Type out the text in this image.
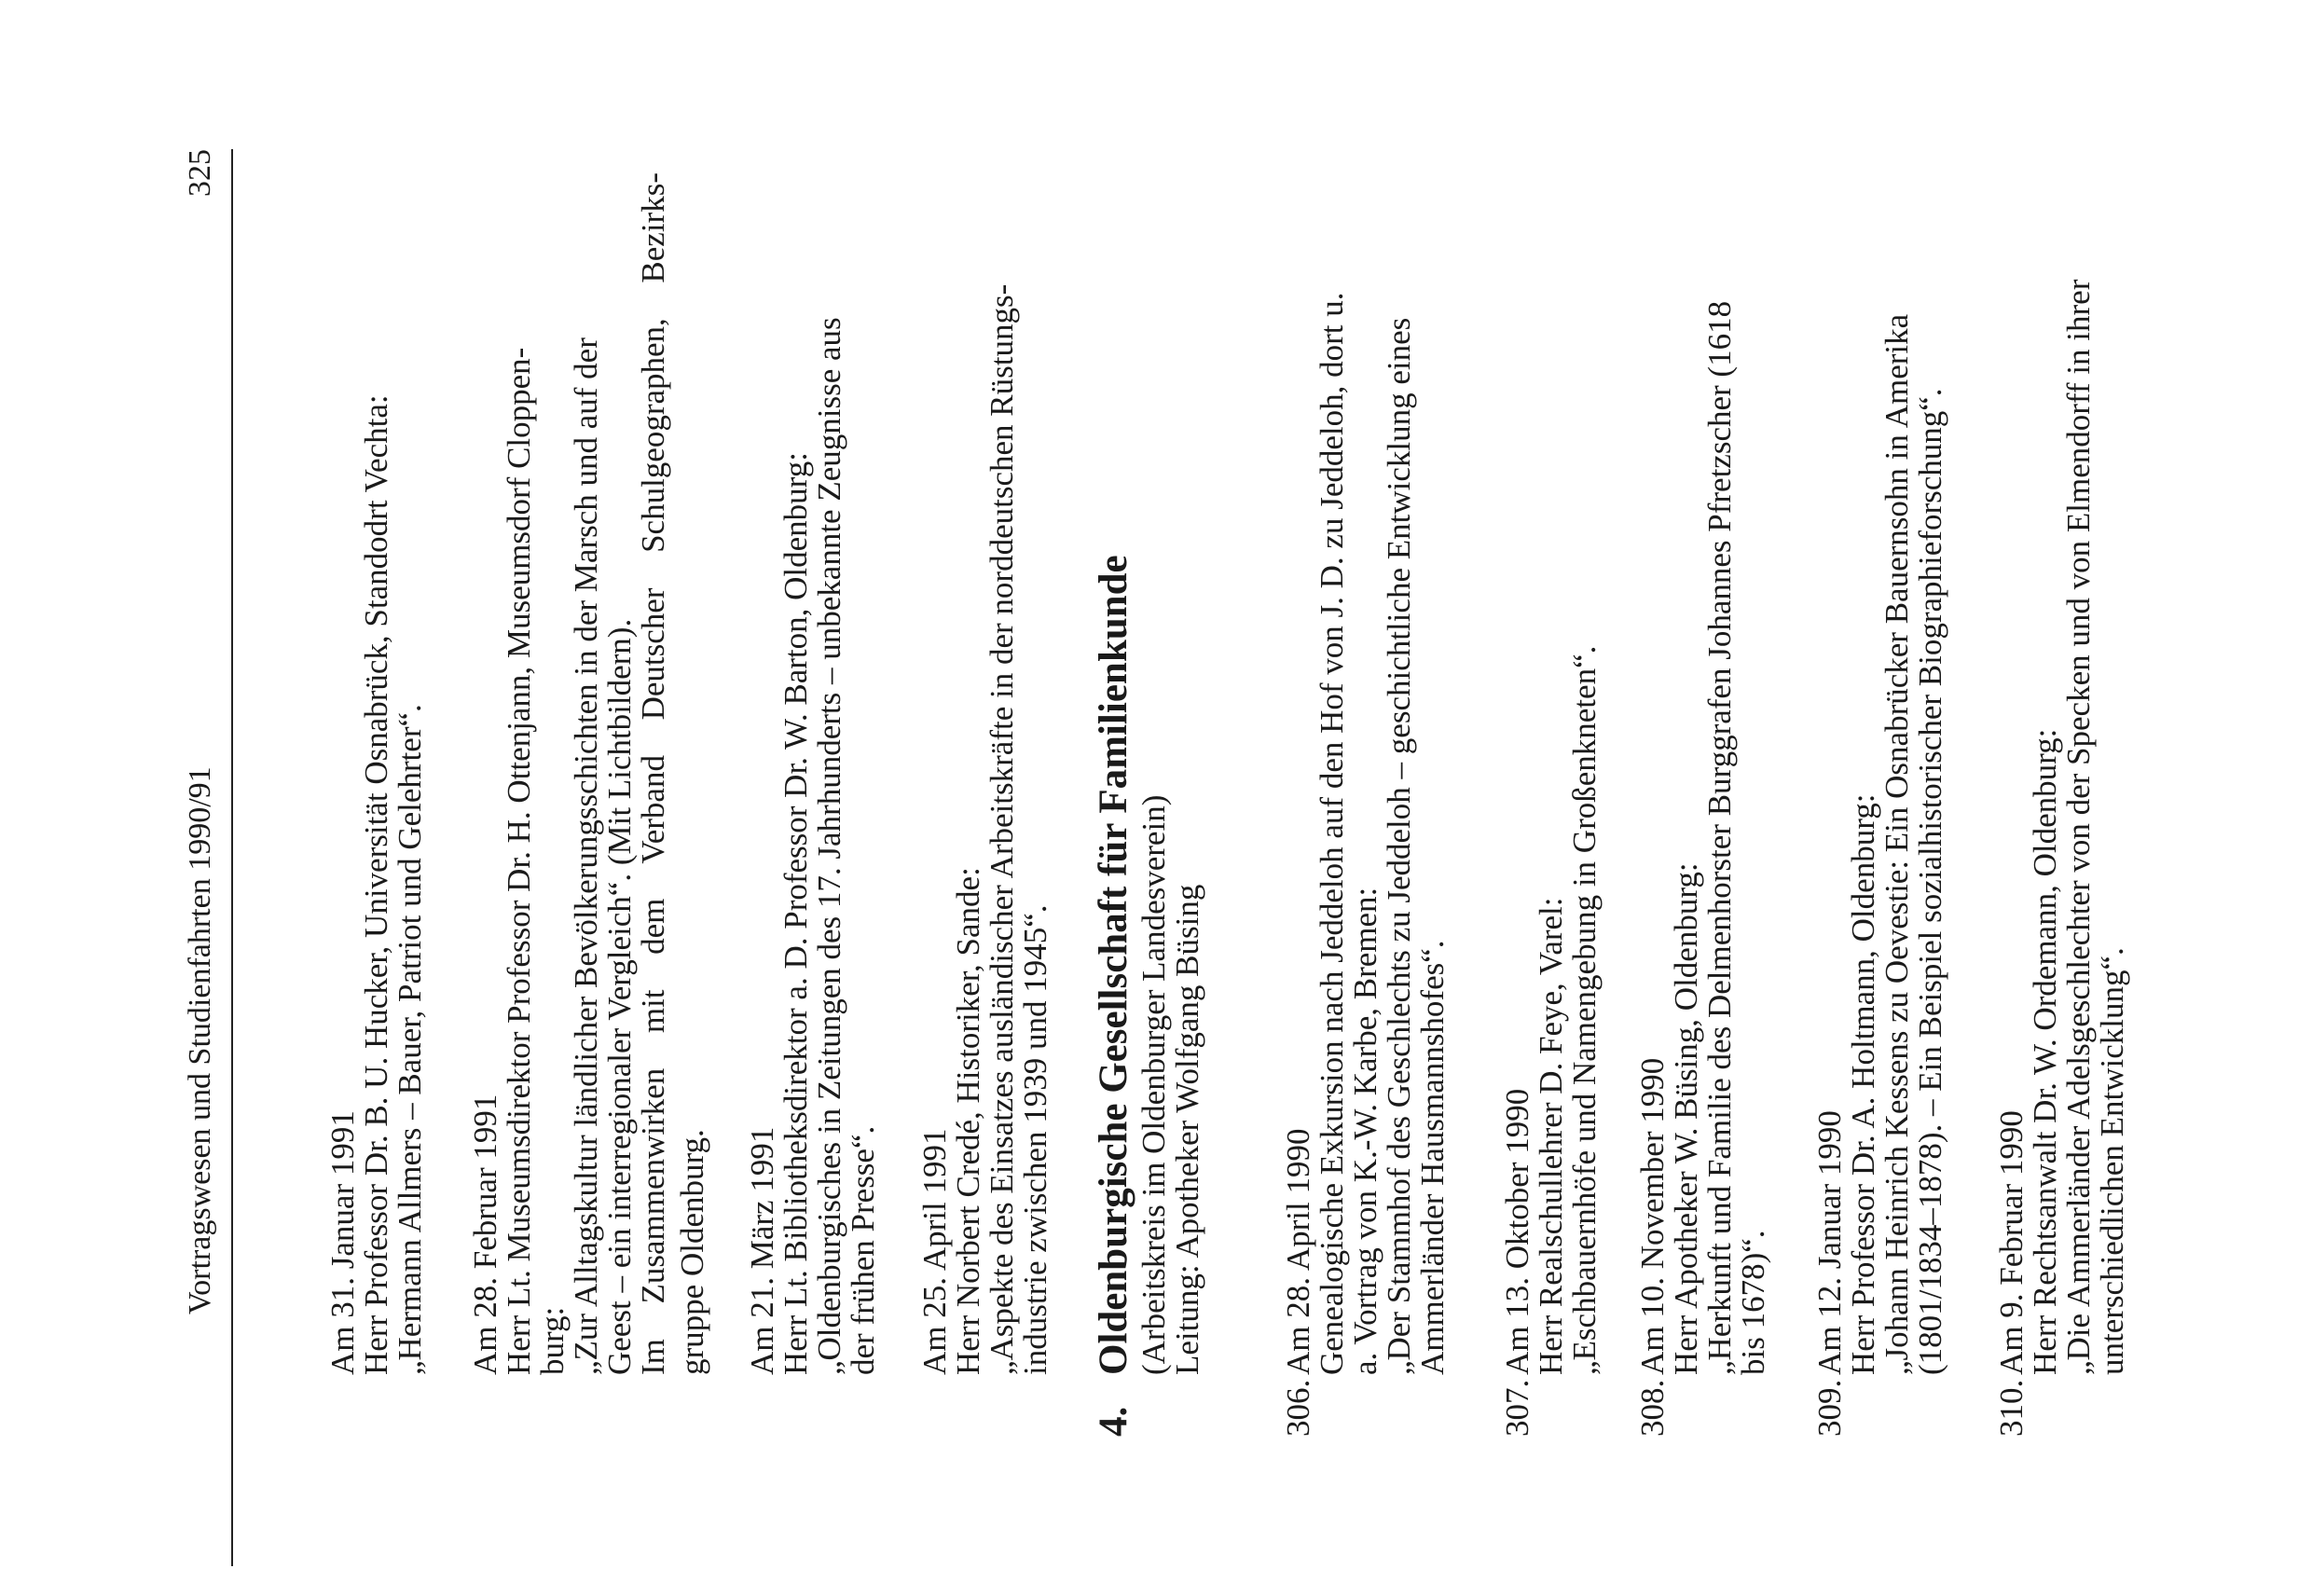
Vortragswesen und Studienfahrten 1990/91
325
Am 31. Januar 1991
Herr Professor Dr. B. U. Hucker, Universität Osnabrück, Standodrt Vechta:
„Hermann Allmers – Bauer, Patriot und Gelehrter“. Am 28. Februar 1991
Herr Lt. Museumsdirektor Professor Dr. H. Ottenjann, Museumsdorf Cloppen-
burg:
„Zur Alltagskultur ländlicher Bevölkerungsschichten in der Marsch und auf der
Geest – ein interregionaler Vergleich“. (Mit Lichtbildern).
Im Zusammenwirken mit dem Verband Deutscher Schulgeographen, Bezirks- gruppe Oldenburg. Am 21. März 1991
Herr Lt. Bibliotheksdirektor a. D. Professor Dr. W. Barton, Oldenburg:
„Oldenburgisches in Zeitungen des 17. Jahrhunderts – unbekannte Zeugnisse aus
der frühen Presse“. Am 25. April 1991
Herr Norbert Credé, Historiker, Sande:
„Aspekte des Einsatzes ausländischer Arbeitskräfte in der norddeutschen Rüstungs-
industrie zwischen 1939 und 1945“.
4.
Oldenburgische Gesellschaft für Familienkunde (Arbeitskreis im Oldenburger Landesverein)
Leitung: Apotheker Wolfgang Büsing
306.
Am 28. April 1990
Genealogische Exkursion nach Jeddeloh auf den Hof von J. D. zu Jeddeloh, dort u.
a. Vortrag von K.-W. Karbe, Bremen:
„Der Stammhof des Geschlechts zu Jeddeloh – geschichtliche Entwicklung eines
Ammerländer Hausmannshofes“.
307.
Am 13. Oktober 1990
Herr Realschullehrer D. Feye, Varel:
„Eschbauernhöfe und Namengebung in Großenkneten“.
308.
Am 10. November 1990
Herr Apotheker W. Büsing, Oldenburg:
„Herkunft und Familie des Delmenhorster Burggrafen Johannes Pfretzscher (1618
bis 1678)“.
309.
Am 12. Januar 1990
Herr Professor Dr. A. Holtmann, Oldenburg:
„Johann Heinrich Kessens zu Oevestie: Ein Osnabrücker Bauernsohn in Amerika
(1801/1834–1878). – Ein Beispiel sozialhistorischer Biographieforschung“.
310.
Am 9. Februar 1990
Herr Rechtsanwalt Dr. W. Ordemann, Oldenburg:
„Die Ammerländer Adelsgeschlechter von der Specken und von Elmendorff in ihrer
unterschiedlichen Entwicklung“.
